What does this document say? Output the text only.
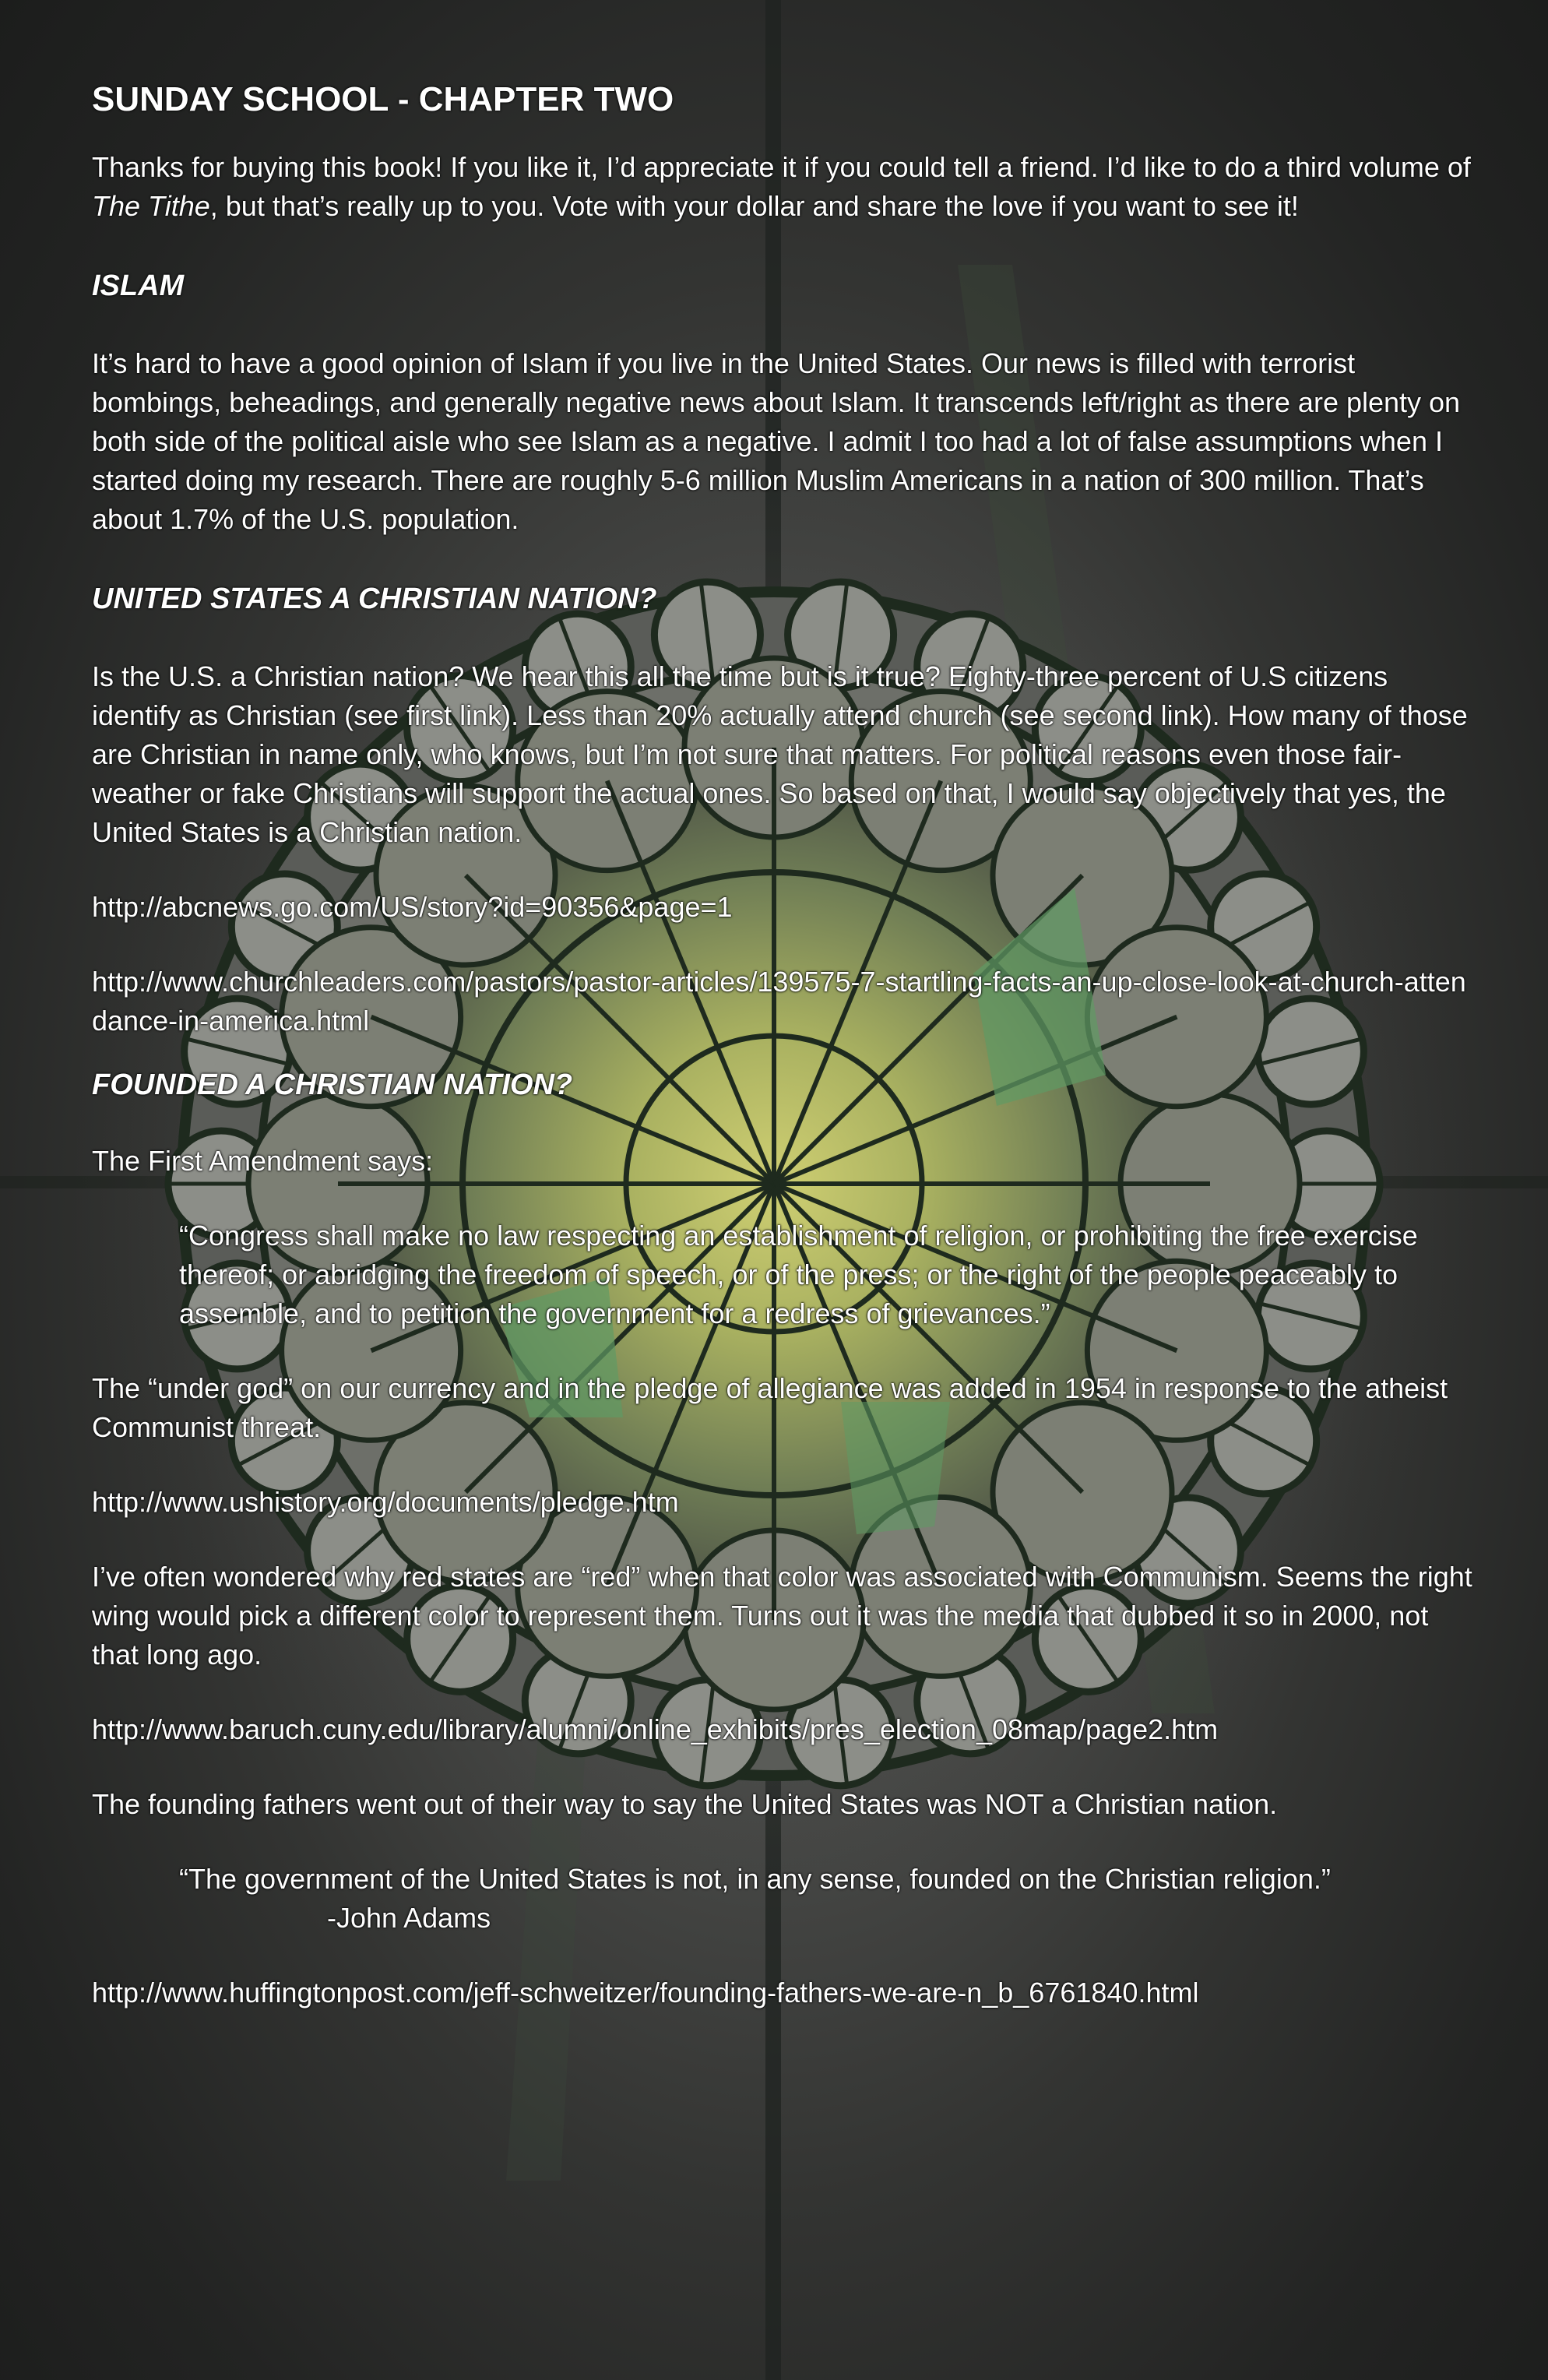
SUNDAY SCHOOL - CHAPTER TWO

Thanks for buying this book! If you like it, I’d appreciate it if you could tell a friend. I’d like to do a third volume of The Tithe, but that’s really up to you. Vote with your dollar and share the love if you want to see it!

ISLAM

It’s hard to have a good opinion of Islam if you live in the United States. Our news is filled with terrorist bombings, beheadings, and generally negative news about Islam. It transcends left/right as there are plenty on both side of the political aisle who see Islam as a negative. I admit I too had a lot of false assumptions when I started doing my research. There are roughly 5-6 million Muslim Americans in a nation of 300 million. That’s about 1.7% of the U.S. population.

UNITED STATES A CHRISTIAN NATION?

Is the U.S. a Christian nation? We hear this all the time but is it true? Eighty-three percent of U.S citizens identify as Christian (see first link). Less than 20% actually attend church (see second link). How many of those are Christian in name only, who knows, but I’m not sure that matters. For political reasons even those fair-weather or fake Christians will support the actual ones. So based on that, I would say objectively that yes, the United States is a Christian nation.

http://abcnews.go.com/US/story?id=90356&page=1

http://www.churchleaders.com/pastors/pastor-articles/139575-7-startling-facts-an-up-close-look-at-church-attendance-in-america.html

FOUNDED A CHRISTIAN NATION?

The First Amendment says:

“Congress shall make no law respecting an establishment of religion, or prohibiting the free exercise thereof; or abridging the freedom of speech, or of the press; or the right of the people peaceably to assemble, and to petition the government for a redress of grievances.”

The “under god” on our currency and in the pledge of allegiance was added in 1954 in response to the atheist Communist threat.

http://www.ushistory.org/documents/pledge.htm

I’ve often wondered why red states are “red” when that color was associated with Communism. Seems the right wing would pick a different color to represent them. Turns out it was the media that dubbed it so in 2000, not that long ago.

http://www.baruch.cuny.edu/library/alumni/online_exhibits/pres_election_08map/page2.htm

The founding fathers went out of their way to say the United States was NOT a Christian nation.

“The government of the United States is not, in any sense, founded on the Christian religion.”

-John Adams

http://www.huffingtonpost.com/jeff-schweitzer/founding-fathers-we-are-n_b_6761840.html
